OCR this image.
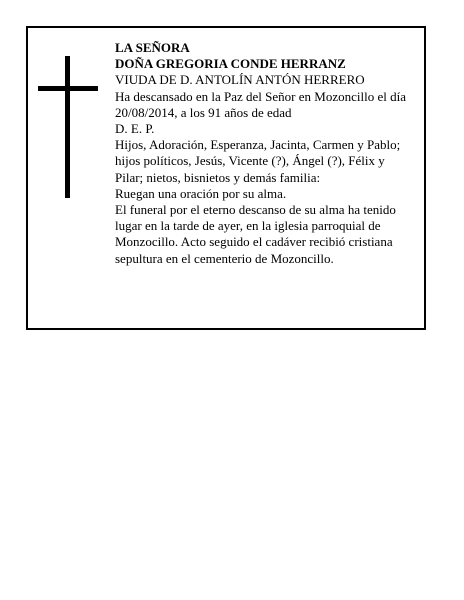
LA SEÑORA

DOÑA GREGORIA CONDE HERRANZ

VIUDA DE D. ANTOLÍN ANTÓN HERRERO

Ha descansado en la Paz del Señor en Mozoncillo el día 20/08/2014, a los 91 años de edad

D. E. P.

Hijos, Adoración, Esperanza, Jacinta, Carmen y Pablo; hijos políticos, Jesús, Vicente (?), Ángel (?), Félix y Pilar; nietos, bisnietos y demás familia:

Ruegan una oración por su alma.

El funeral por el eterno descanso de su alma ha tenido lugar en la tarde de ayer, en la iglesia parroquial de Monzocillo. Acto seguido el cadáver recibió cristiana sepultura en el cementerio de Mozoncillo.
